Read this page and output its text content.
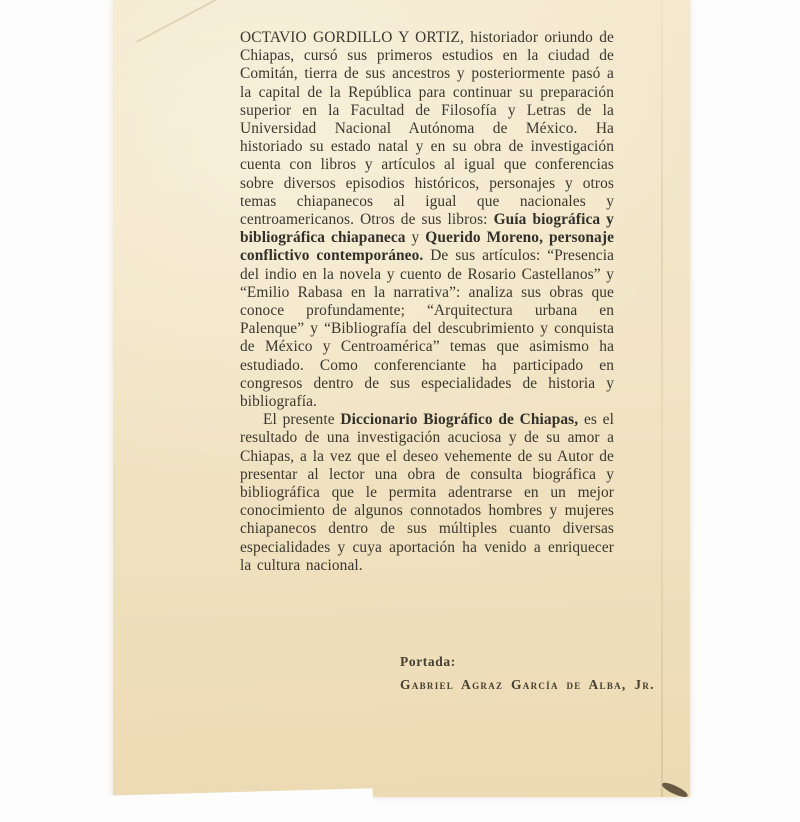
OCTAVIO GORDILLO Y ORTIZ, historiador oriundo de Chiapas, cursó sus primeros estudios en la ciudad de Comitán, tierra de sus ancestros y posteriormente pasó a la capital de la República para continuar su preparación superior en la Facultad de Filosofía y Letras de la Universidad Nacional Autónoma de México. Ha historiado su estado natal y en su obra de investigación cuenta con libros y artículos al igual que conferencias sobre diversos episodios históricos, personajes y otros temas chiapanecos al igual que nacionales y centroamericanos. Otros de sus libros: Guía biográfica y bibliográfica chiapaneca y Querido Moreno, personaje conflictivo contemporáneo. De sus artículos: “Presencia del indio en la novela y cuento de Rosario Castellanos” y “Emilio Rabasa en la narrativa”: analiza sus obras que conoce profundamente; “Arquitectura urbana en Palenque” y “Bibliografía del descubrimiento y conquista de México y Centroamérica” temas que asimismo ha estudiado. Como conferenciante ha participado en congresos dentro de sus especialidades de historia y bibliografía.

El presente Diccionario Biográfico de Chiapas, es el resultado de una investigación acuciosa y de su amor a Chiapas, a la vez que el deseo vehemente de su Autor de presentar al lector una obra de consulta biográfica y bibliográfica que le permita adentrarse en un mejor conocimiento de algunos connotados hombres y mujeres chiapanecos dentro de sus múltiples cuanto diversas especialidades y cuya aportación ha venido a enriquecer la cultura nacional.

Portada:
Gabriel Agraz García de Alba, Jr.
